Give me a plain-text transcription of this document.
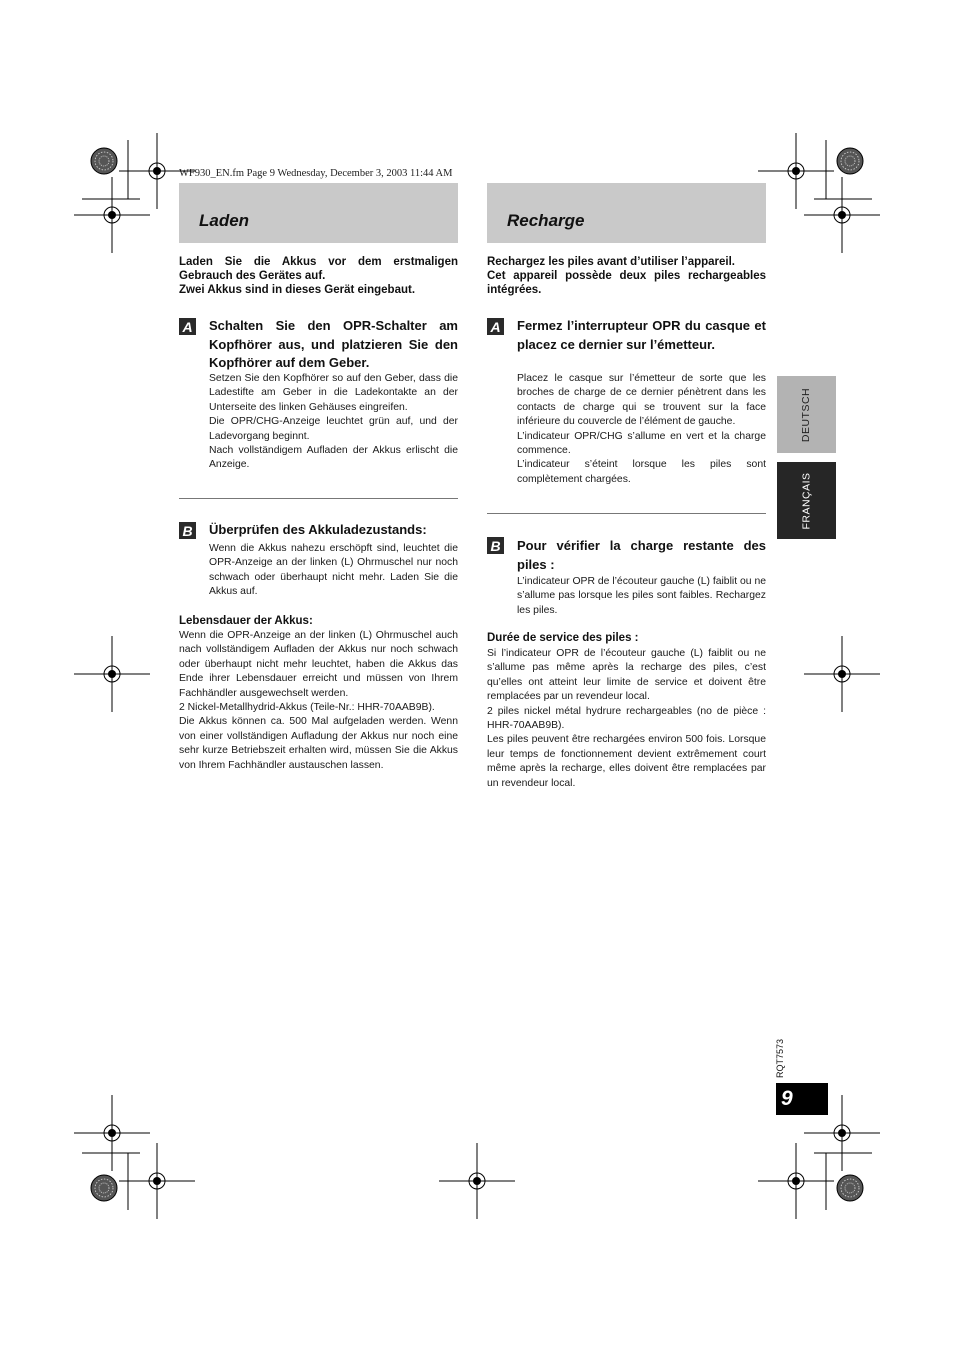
WF930_EN.fm Page 9 Wednesday, December 3, 2003 11:44 AM
Laden
Laden Sie die Akkus vor dem erstmaligen Gebrauch des Gerätes auf.
Zwei Akkus sind in dieses Gerät eingebaut.
A Schalten Sie den OPR-Schalter am Kopfhörer aus, und platzieren Sie den Kopfhörer auf dem Geber.
Setzen Sie den Kopfhörer so auf den Geber, dass die Ladestifte am Geber in die Ladekontakte an der Unterseite des linken Gehäuses eingreifen.
Die OPR/CHG-Anzeige leuchtet grün auf, und der Ladevorgang beginnt.
Nach vollständigem Aufladen der Akkus erlischt die Anzeige.
B Überprüfen des Akkuladezustands:
Wenn die Akkus nahezu erschöpft sind, leuchtet die OPR-Anzeige an der linken (L) Ohrmuschel nur noch schwach oder überhaupt nicht mehr. Laden Sie die Akkus auf.
Lebensdauer der Akkus:
Wenn die OPR-Anzeige an der linken (L) Ohrmuschel auch nach vollständigem Aufladen der Akkus nur noch schwach oder überhaupt nicht mehr leuchtet, haben die Akkus das Ende ihrer Lebensdauer erreicht und müssen von Ihrem Fachhändler ausgewechselt werden.
2 Nickel-Metallhydrid-Akkus (Teile-Nr.: HHR-70AAB9B).
Die Akkus können ca. 500 Mal aufgeladen werden. Wenn von einer vollständigen Aufladung der Akkus nur noch eine sehr kurze Betriebszeit erhalten wird, müssen Sie die Akkus von Ihrem Fachhändler austauschen lassen.
Recharge
Rechargez les piles avant d’utiliser l’appareil.
Cet appareil possède deux piles rechargeables intégrées.
A Fermez l’interrupteur OPR du casque et placez ce dernier sur l’émetteur.
Placez le casque sur l’émetteur de sorte que les broches de charge de ce dernier pénètrent dans les contacts de charge qui se trouvent sur la face inférieure du couvercle de l’élément de gauche.
L’indicateur OPR/CHG s’allume en vert et la charge commence.
L’indicateur s’éteint lorsque les piles sont complètement chargées.
B Pour vérifier la charge restante des piles :
L’indicateur OPR de l’écouteur gauche (L) faiblit ou ne s’allume pas lorsque les piles sont faibles. Rechargez les piles.
Durée de service des piles :
Si l’indicateur OPR de l’écouteur gauche (L) faiblit ou ne s’allume pas même après la recharge des piles, c’est qu’elles ont atteint leur limite de service et doivent être remplacées par un revendeur local.
2 piles nickel métal hydrure rechargeables (no de pièce : HHR-70AAB9B).
Les piles peuvent être rechargées environ 500 fois. Lorsque leur temps de fonctionnement devient extrêmement court même après la recharge, elles doivent être remplacées par un revendeur local.
DEUTSCH
FRANÇAIS
RQT7573
9
